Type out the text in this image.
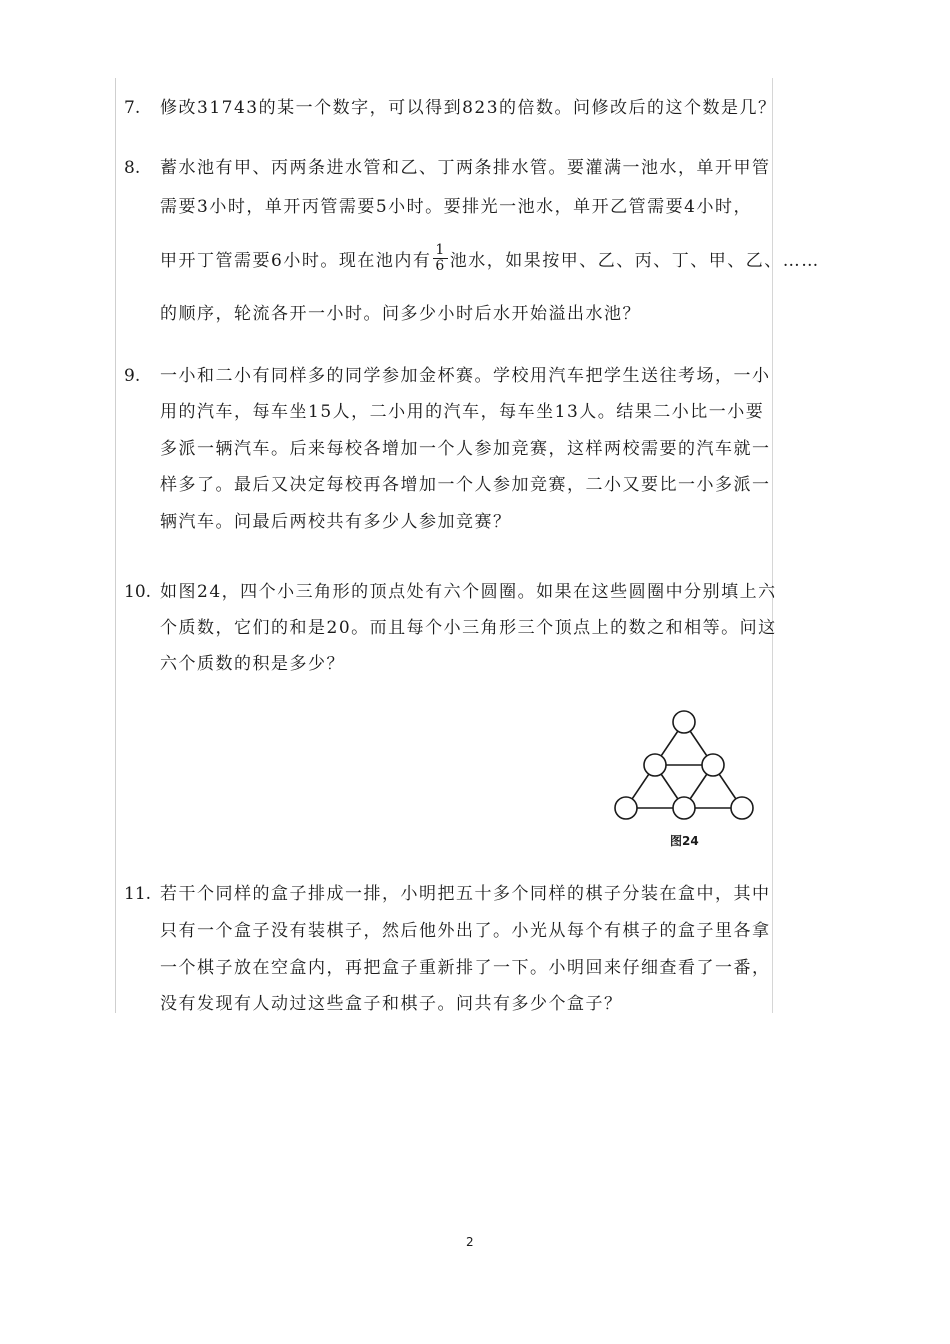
7. 修改31743的某一个数字，可以得到823的倍数。问修改后的这个数是几？
8. 蓄水池有甲、丙两条进水管和乙、丁两条排水管。要灌满一池水，单开甲管
需要3小时，单开丙管需要5小时。要排光一池水，单开乙管需要4小时，
甲开丁管需要6小时。现在池内有 $\frac{1}{6}$ 池水，如果按甲、乙、丙、丁、甲、乙、……
的顺序，轮流各开一小时。问多少小时后水开始溢出水池？
9. 一小和二小有同样多的同学参加金杯赛。学校用汽车把学生送往考场，一小
用的汽车，每车坐15人，二小用的汽车，每车坐13人。结果二小比一小要
多派一辆汽车。后来每校各增加一个人参加竞赛，这样两校需要的汽车就一
样多了。最后又决定每校再各增加一个人参加竞赛，二小又要比一小多派一
辆汽车。问最后两校共有多少人参加竞赛？
10. 如图24，四个小三角形的顶点处有六个圆圈。如果在这些圆圈中分别填上六
个质数，它们的和是20。而且每个小三角形三个顶点上的数之和相等。问这
六个质数的积是多少？
图24
11. 若干个同样的盒子排成一排，小明把五十多个同样的棋子分装在盒中，其中
只有一个盒子没有装棋子，然后他外出了。小光从每个有棋子的盒子里各拿
一个棋子放在空盒内，再把盒子重新排了一下。小明回来仔细查看了一番，
没有发现有人动过这些盒子和棋子。问共有多少个盒子？
2
